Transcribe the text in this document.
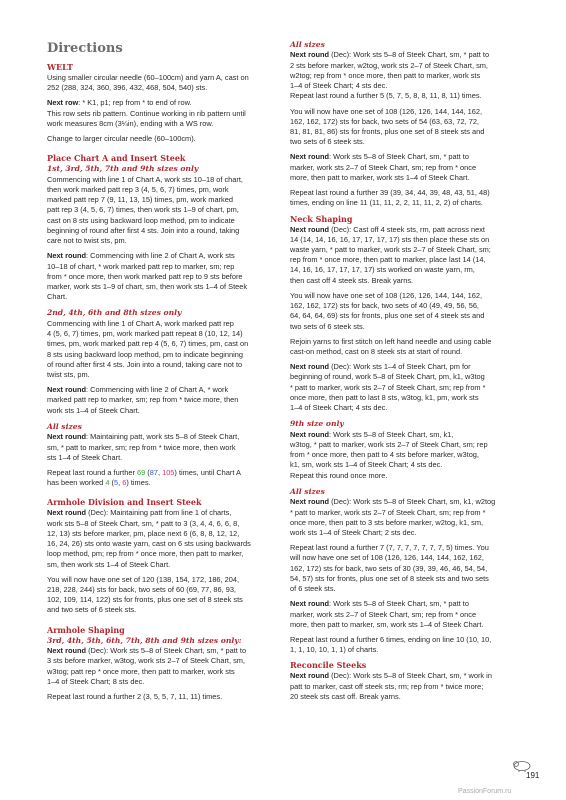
Directions
WELT

Using smaller circular needle (60–100cm) and yarn A, cast on
252 (288, 324, 360, 396, 432, 468, 504, 540) sts.

Next row: * K1, p1; rep from * to end of row.
This row sets rib pattern. Continue working in rib pattern until
work measures 8cm (3¼in), ending with a WS row.

Change to larger circular needle (60–100cm).

Place Chart A and Insert Steek
1st, 3rd, 5th, 7th and 9th sizes only

Commencing with line 1 of Chart A, work sts 10–18 of chart,
then work marked patt rep 3 (4, 5, 6, 7) times, pm, work
marked patt rep 7 (9, 11, 13, 15) times, pm, work marked
patt rep 3 (4, 5, 6, 7) times, then work sts 1–9 of chart, pm,
cast on 8 sts using backward loop method, pm to indicate
beginning of round after first 4 sts. Join into a round, taking
care not to twist sts, pm.

Next round: Commencing with line 2 of Chart A, work sts
10–18 of chart, * work marked patt rep to marker, sm; rep
from * once more, then work marked patt rep to 9 sts before
marker, work sts 1–9 of chart, sm, then work sts 1–4 of Steek
Chart.

2nd, 4th, 6th and 8th sizes only

Commencing with line 1 of Chart A, work marked patt rep
4 (5, 6, 7) times, pm, work marked patt repeat 8 (10, 12, 14)
times, pm, work marked patt rep 4 (5, 6, 7) times, pm, cast on
8 sts using backward loop method, pm to indicate beginning
of round after first 4 sts. Join into a round, taking care not to
twist sts, pm.

Next round: Commencing with line 2 of Chart A, * work
marked patt rep to marker, sm; rep from * twice more, then
work sts 1–4 of Steek Chart.

All sizes

Next round: Maintaining patt, work sts 5–8 of Steek Chart,
sm, * patt to marker, sm; rep from * twice more, then work
sts 1–4 of Steek Chart.

Repeat last round a further 69 (87, 105) times, until Chart A
has been worked 4 (5, 6) times.

Armhole Division and Insert Steek

Next round (Dec): Maintaining patt from line 1 of charts,
work sts 5–8 of Steek Chart, sm, * patt to 3 (3, 4, 4, 6, 6, 8,
12, 13) sts before marker, pm, place next 6 (6, 8, 8, 12, 12,
16, 24, 26) sts onto waste yarn, cast on 6 sts using backwards
loop method, pm; rep from * once more, then patt to marker,
sm, then work sts 1–4 of Steek Chart.

You will now have one set of 120 (138, 154, 172, 186, 204,
218, 228, 244) sts for back, two sets of 60 (69, 77, 86, 93,
102, 109, 114, 122) sts for fronts, plus one set of 8 steek sts
and two sets of 6 steek sts.

Armhole Shaping
3rd, 4th, 5th, 6th, 7th, 8th and 9th sizes only:

Next round (Dec): Work sts 5–8 of Steek Chart, sm, * patt to
3 sts before marker, w3tog, work sts 2–7 of Steek Chart, sm,
w3tog; patt rep * once more, then patt to marker, work sts
1–4 of Steek Chart; 8 sts dec.

Repeat last round a further 2 (3, 5, 5, 7, 11, 11) times.

All sizes

Next round (Dec): Work sts 5–8 of Steek Chart, sm, * patt to
2 sts before marker, w2tog, work sts 2–7 of Steek Chart, sm,
w2tog; rep from * once more, then patt to marker, work sts
1–4 of Steek Chart; 4 sts dec.
Repeat last round a further 5 (5, 7, 5, 8, 8, 11, 8, 11) times.

You will now have one set of 108 (126, 126, 144, 144, 162,
162, 162, 172) sts for back, two sets of 54 (63, 63, 72, 72,
81, 81, 81, 86) sts for fronts, plus one set of 8 steek sts and
two sets of 6 steek sts.

Next round: Work sts 5–8 of Steek Chart, sm, * patt to
marker, work sts 2–7 of Steek Chart, sm; rep from * once
more, then patt to marker, work sts 1–4 of Steek Chart.

Repeat last round a further 39 (39, 34, 44, 39, 48, 43, 51, 48)
times, ending on line 11 (11, 11, 2, 2, 11, 11, 2, 2) of charts.

Neck Shaping

Next round (Dec): Cast off 4 steek sts, rm, patt across next
14 (14, 14, 16, 16, 17, 17, 17, 17) sts then place these sts on
waste yarn, * patt to marker, work sts 2–7 of Steek Chart, sm;
rep from * once more, then patt to marker, place last 14 (14,
14, 16, 16, 17, 17, 17, 17) sts worked on waste yarn, rm,
then cast off 4 steek sts. Break yarns.

You will now have one set of 108 (126, 126, 144, 144, 162,
162, 162, 172) sts for back, two sets of 40 (49, 49, 56, 56,
64, 64, 64, 69) sts for fronts, plus one set of 4 steek sts and
two sets of 6 steek sts.

Rejoin yarns to first stitch on left hand needle and using cable
cast-on method, cast on 8 steek sts at start of round.

Next round (Dec): Work sts 1–4 of Steek Chart, pm for
beginning of round, work 5–8 of Steek Chart, pm, k1, w3tog
* patt to marker, work sts 2–7 of Steek Chart, sm; rep from *
once more, then patt to last 8 sts, w3tog, k1, pm, work sts
1–4 of Steek Chart; 4 sts dec.

9th size only

Next round: Work sts 5–8 of Steek Chart, sm, k1,
w3tog, * patt to marker, work sts 2–7 of Steek Chart, sm; rep
from * once more, then patt to 4 sts before marker, w3tog,
k1, sm, work sts 1–4 of Steek Chart; 4 sts dec.
Repeat this round once more.

All sizes

Next round (Dec): Work sts 5–8 of Steek Chart, sm, k1, w2tog
* patt to marker, work sts 2–7 of Steek Chart, sm; rep from *
once more, then patt to 3 sts before marker, w2tog, k1, sm,
work sts 1–4 of Steek Chart; 2 sts dec.

Repeat last round a further 7 (7, 7, 7, 7, 7, 7, 7, 5) times. You
will now have one set of 108 (126, 126, 144, 144, 162, 162,
162, 172) sts for back, two sets of 30 (39, 39, 46, 46, 54, 54,
54, 57) sts for fronts, plus one set of 8 steek sts and two sets
of 6 steek sts.

Next round: Work sts 5–8 of Steek Chart, sm, * patt to
marker, work sts 2–7 of Steek Chart, sm; rep from * once
more, then patt to marker, sm, work sts 1–4 of Steek Chart.

Repeat last round a further 6 times, ending on line 10 (10, 10,
1, 1, 10, 10, 1, 1) of charts.

Reconcile Steeks

Next round (Dec): Work sts 5–8 of Steek Chart, sm, * work in
patt to marker, cast off steek sts, rm; rep from * twice more;
20 steek sts cast off. Break yarns.

191
PassionForum.ru
